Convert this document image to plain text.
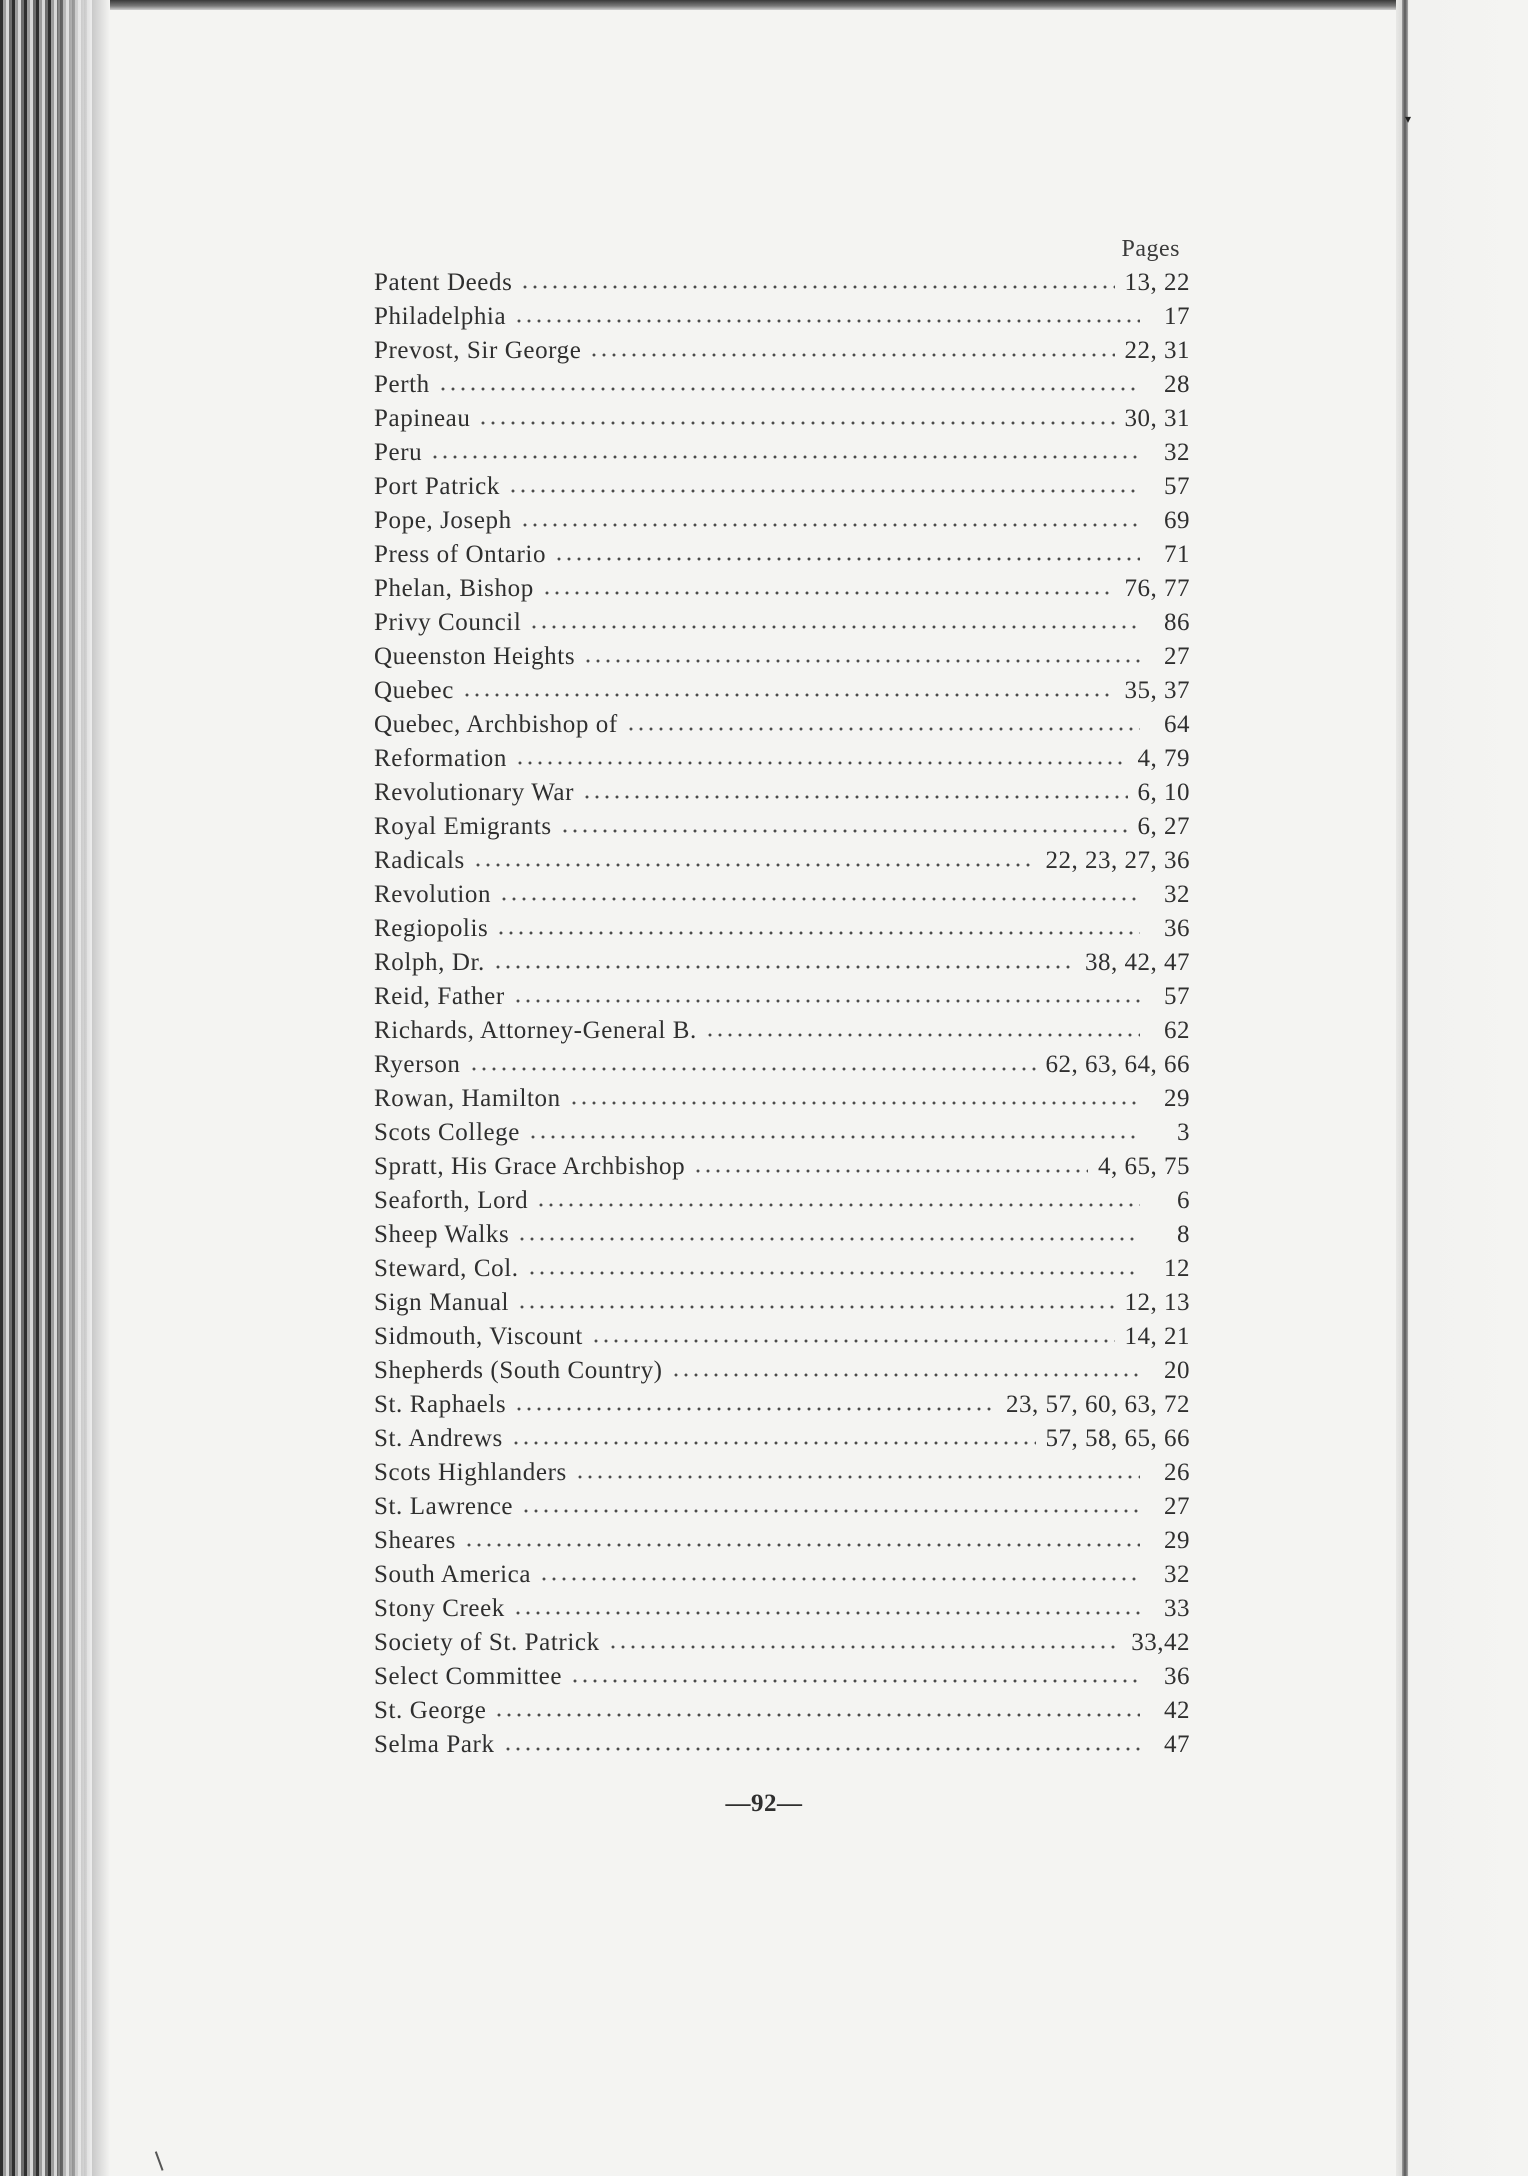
▾
Pages
Patent Deeds	13, 22
Philadelphia	17
Prevost, Sir George	22, 31
Perth	28
Papineau	30, 31
Peru	32
Port Patrick	57
Pope, Joseph	69
Press of Ontario	71
Phelan, Bishop	76, 77
Privy Council	86
Queenston Heights	27
Quebec	35, 37
Quebec, Archbishop of	64
Reformation	4, 79
Revolutionary War	6, 10
Royal Emigrants	6, 27
Radicals	22, 23, 27, 36
Revolution	32
Regiopolis	36
Rolph, Dr.	38, 42, 47
Reid, Father	57
Richards, Attorney-General B.	62
Ryerson	62, 63, 64, 66
Rowan, Hamilton	29
Scots College	3
Spratt, His Grace Archbishop	4, 65, 75
Seaforth, Lord	6
Sheep Walks	8
Steward, Col.	12
Sign Manual	12, 13
Sidmouth, Viscount	14, 21
Shepherds (South Country)	20
St. Raphaels	23, 57, 60, 63, 72
St. Andrews	57, 58, 65, 66
Scots Highlanders	26
St. Lawrence	27
Sheares	29
South America	32
Stony Creek	33
Society of St. Patrick	33,42
Select Committee	36
St. George	42
Selma Park	47
—92—
